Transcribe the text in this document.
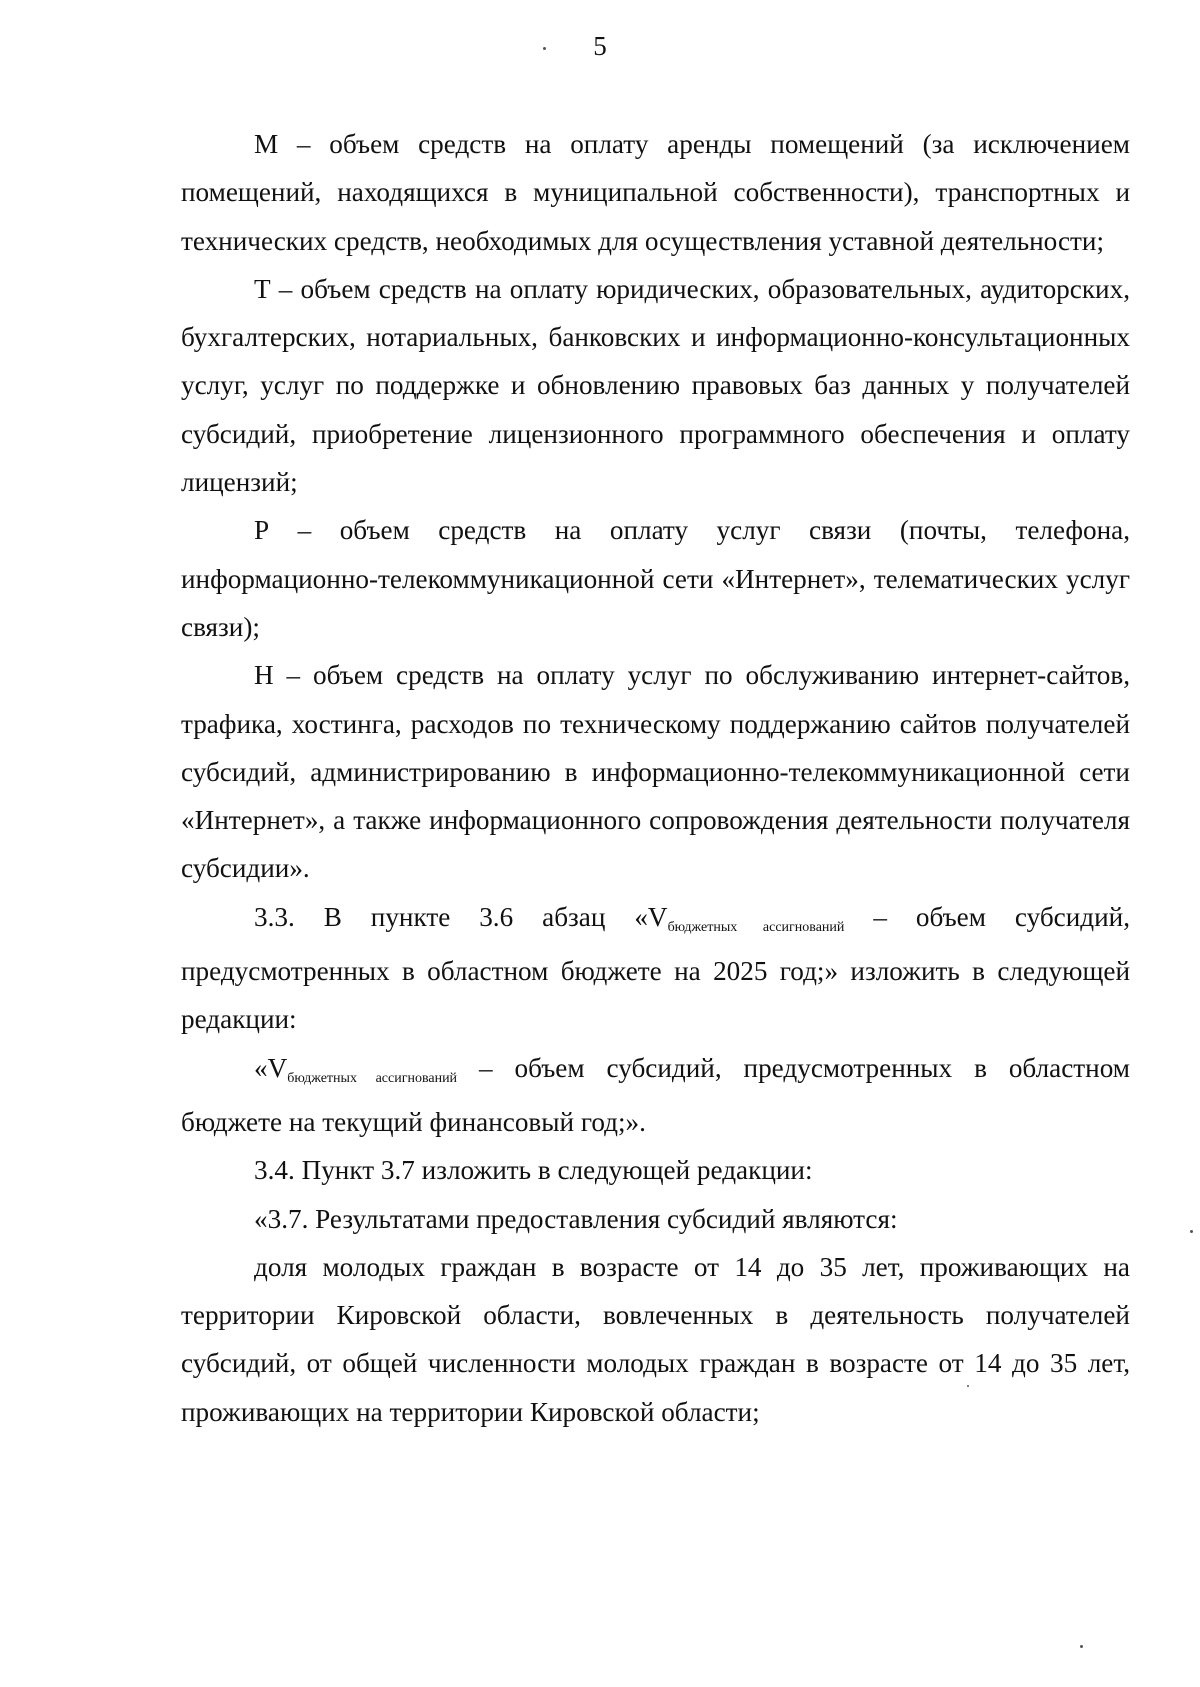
5

М – объем средств на оплату аренды помещений (за исключением помещений, находящихся в муниципальной собственности), транспортных и технических средств, необходимых для осуществления уставной деятельности;

Т – объем средств на оплату юридических, образовательных, аудиторских, бухгалтерских, нотариальных, банковских и информационно-консультационных услуг, услуг по поддержке и обновлению правовых баз данных у получателей субсидий, приобретение лицензионного программного обеспечения и оплату лицензий;

Р – объем средств на оплату услуг связи (почты, телефона, информационно-телекоммуникационной сети «Интернет», телематических услуг связи);

Н – объем средств на оплату услуг по обслуживанию интернет-сайтов, трафика, хостинга, расходов по техническому поддержанию сайтов получателей субсидий, администрированию в информационно-телекоммуникационной сети «Интернет», а также информационного сопровождения деятельности получателя субсидии».

3.3. В пункте 3.6 абзац «Vбюджетных ассигнований – объем субсидий, предусмотренных в областном бюджете на 2025 год;» изложить в следующей редакции:

«Vбюджетных ассигнований – объем субсидий, предусмотренных в областном бюджете на текущий финансовый год;».

3.4. Пункт 3.7 изложить в следующей редакции:

«3.7. Результатами предоставления субсидий являются:

доля молодых граждан в возрасте от 14 до 35 лет, проживающих на территории Кировской области, вовлеченных в деятельность получателей субсидий, от общей численности молодых граждан в возрасте от 14 до 35 лет, проживающих на территории Кировской области;
